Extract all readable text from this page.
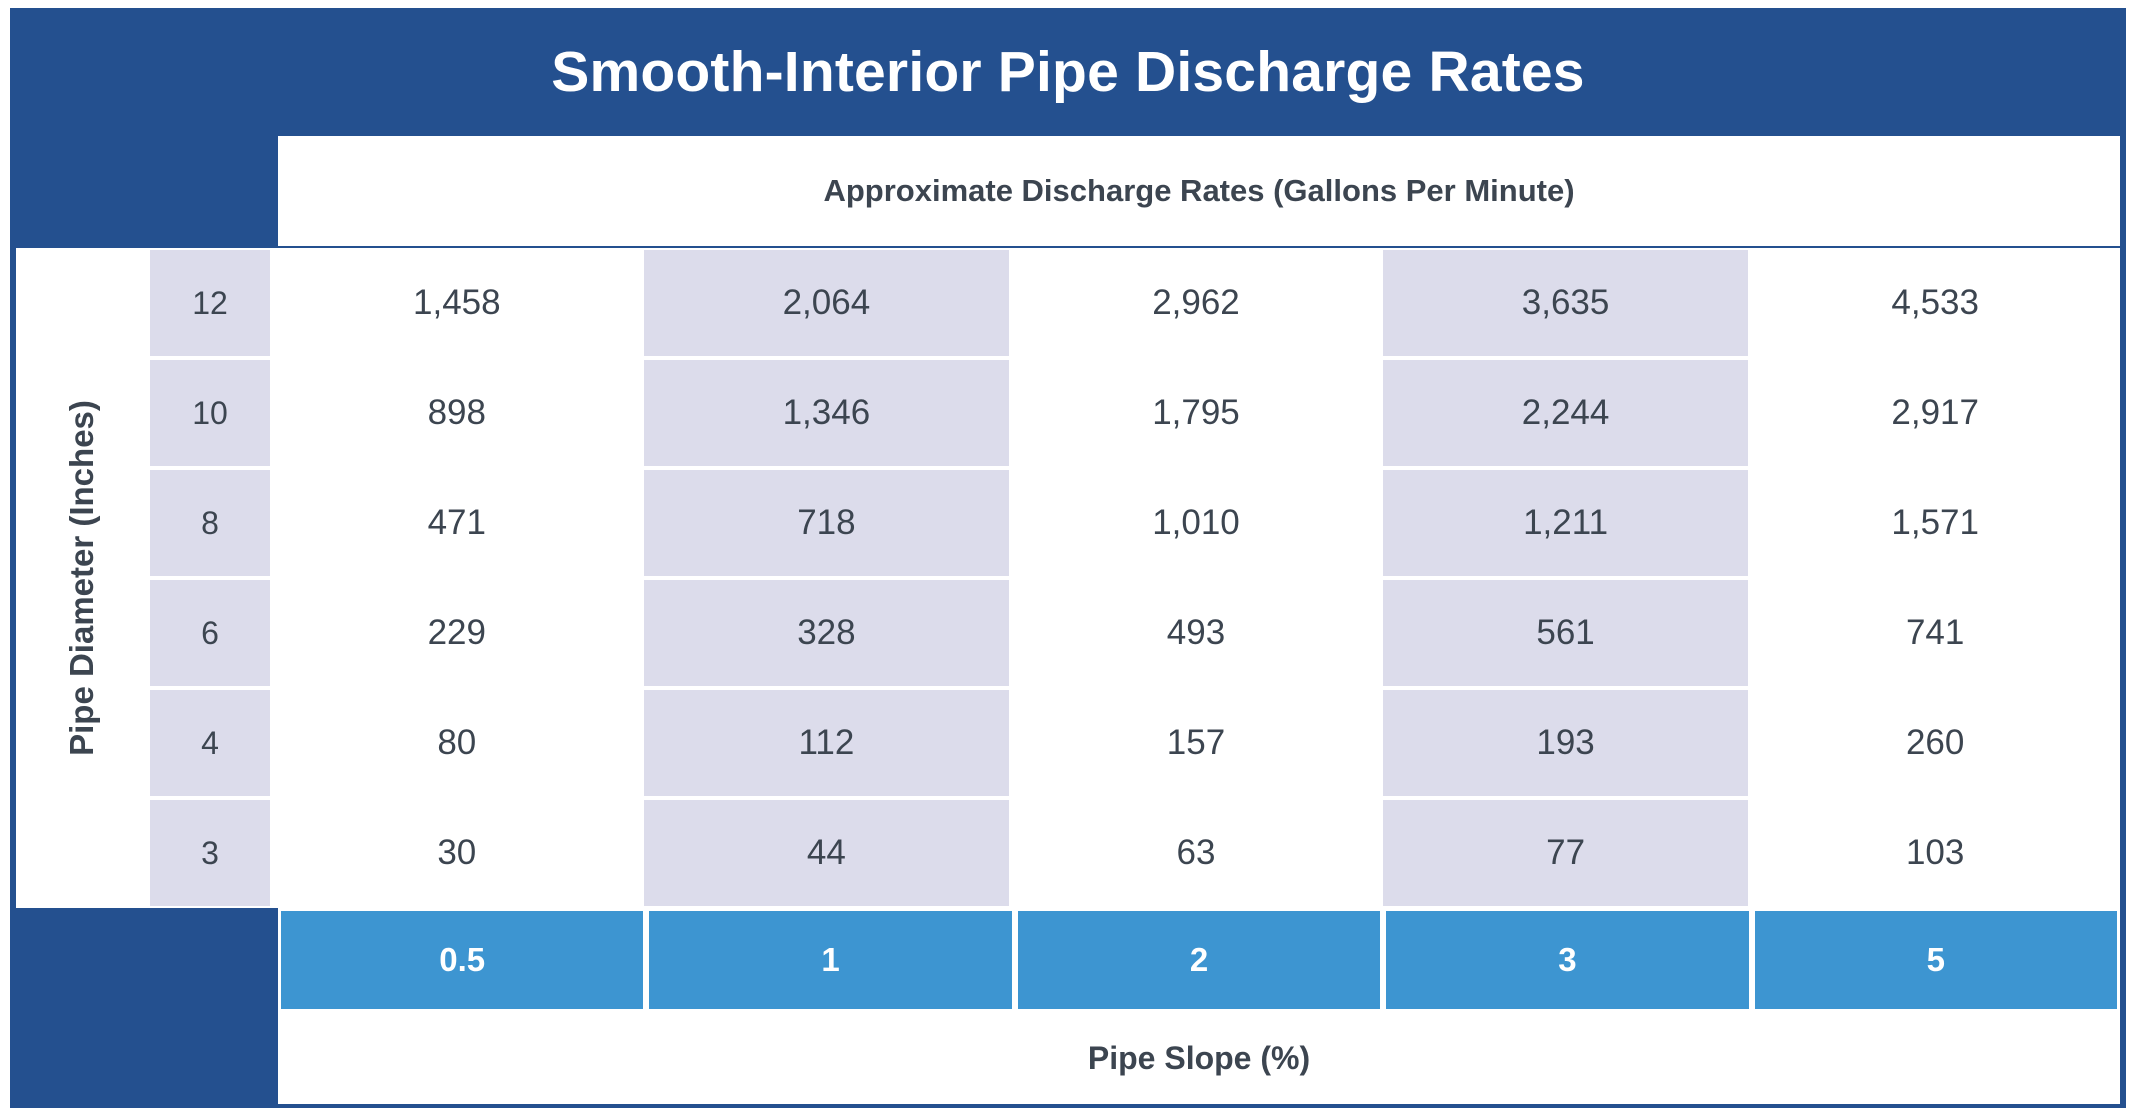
Smooth-Interior Pipe Discharge Rates
Approximate Discharge Rates (Gallons Per Minute)
Pipe Diameter (Inches)
12	1,458	2,064	2,962	3,635	4,533
10	898	1,346	1,795	2,244	2,917
8	471	718	1,010	1,211	1,571
6	229	328	493	561	741
4	80	112	157	193	260
3	30	44	63	77	103
0.5	1	2	3	5
Pipe Slope (%)
